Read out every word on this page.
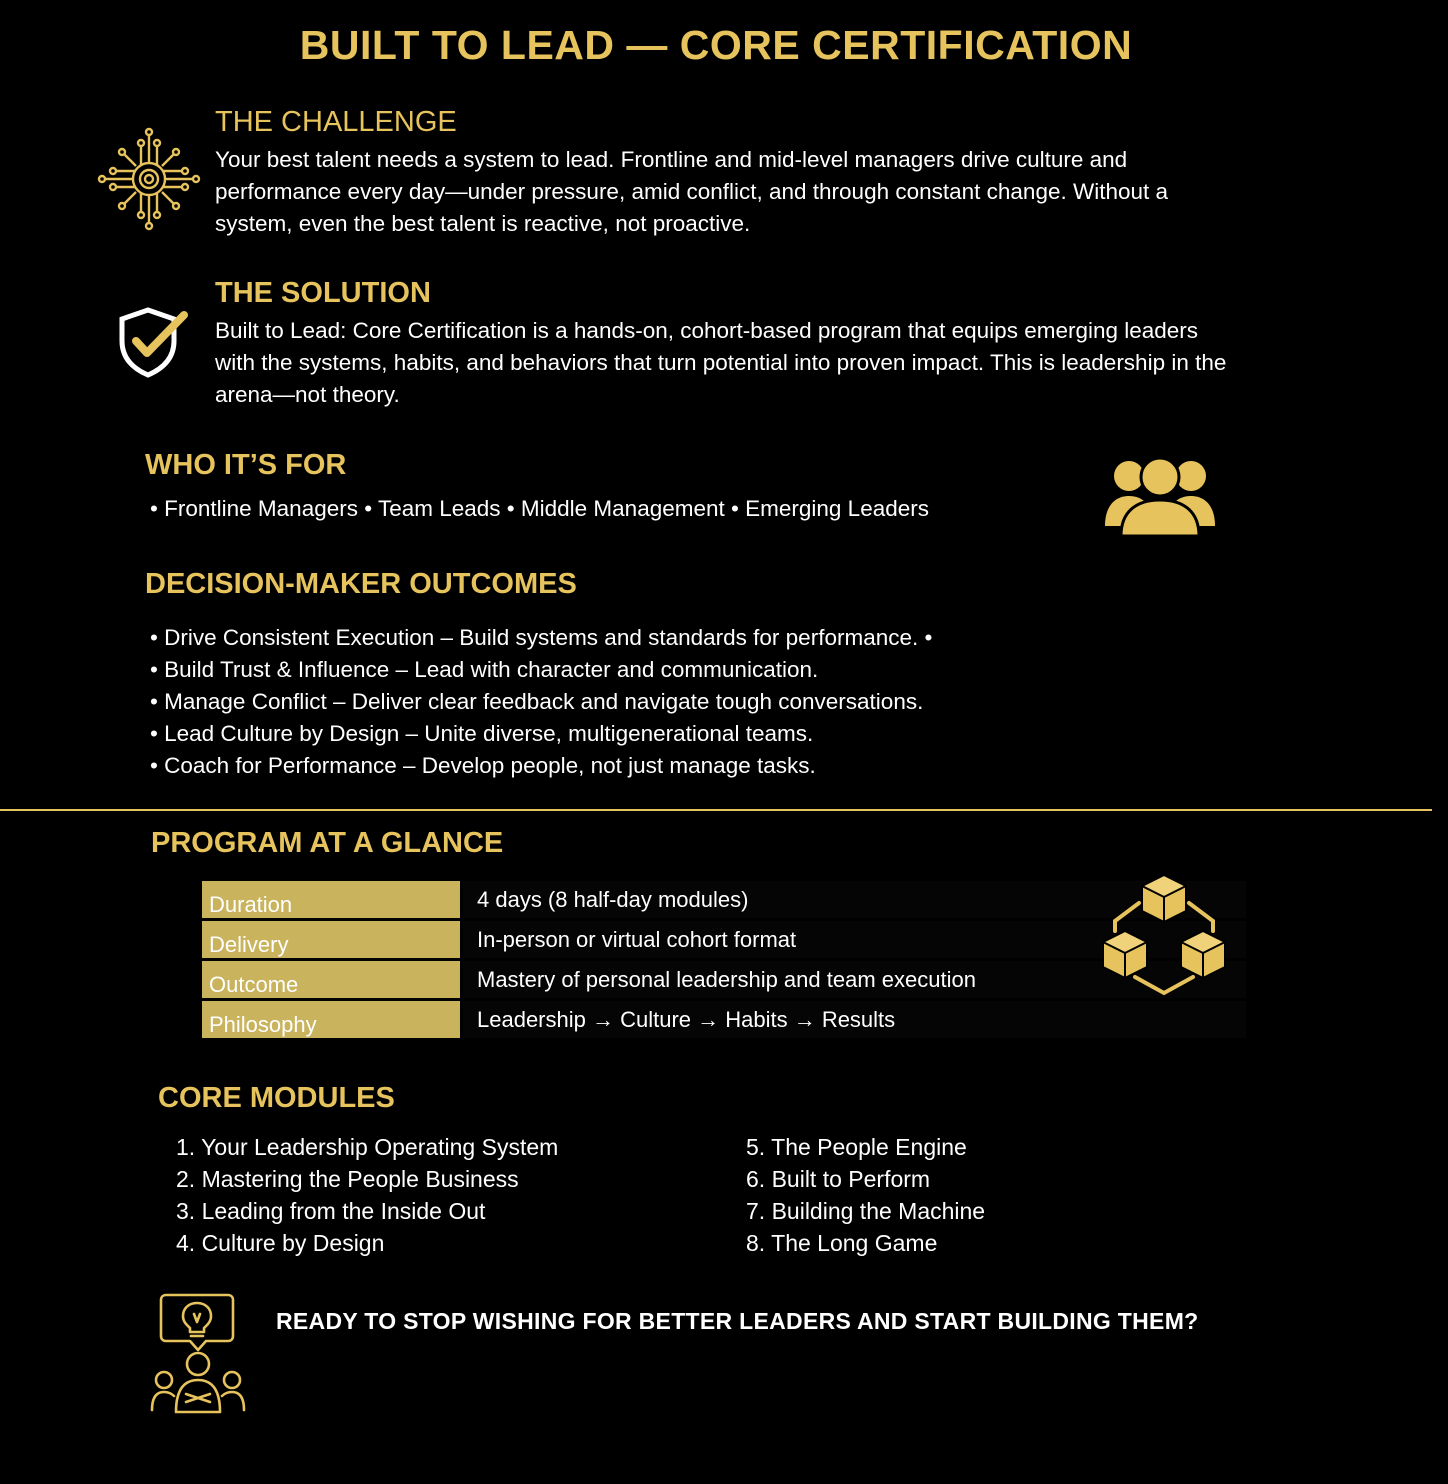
BUILT TO LEAD — CORE CERTIFICATION
THE CHALLENGE
Your best talent needs a system to lead. Frontline and mid-level managers drive culture and
performance every day—under pressure, amid conflict, and through constant change. Without a
system, even the best talent is reactive, not proactive.
THE SOLUTION
Built to Lead: Core Certification is a hands-on, cohort-based program that equips emerging leaders
with the systems, habits, and behaviors that turn potential into proven impact. This is leadership in the
arena—not theory.
WHO IT’S FOR
• Frontline Managers • Team Leads • Middle Management • Emerging Leaders
DECISION-MAKER OUTCOMES
• Drive Consistent Execution – Build systems and standards for performance. •
• Build Trust & Influence – Lead with character and communication.
• Manage Conflict – Deliver clear feedback and navigate tough conversations.
• Lead Culture by Design – Unite diverse, multigenerational teams.
• Coach for Performance – Develop people, not just manage tasks.
PROGRAM AT A GLANCE
Duration	4 days (8 half-day modules)
Delivery	In-person or virtual cohort format
Outcome	Mastery of personal leadership and team execution
Philosophy	Leadership → Culture → Habits → Results
CORE MODULES
1. Your Leadership Operating System
2. Mastering the People Business
3. Leading from the Inside Out
4. Culture by Design
5. The People Engine
6. Built to Perform
7. Building the Machine
8. The Long Game
READY TO STOP WISHING FOR BETTER LEADERS AND START BUILDING THEM?
